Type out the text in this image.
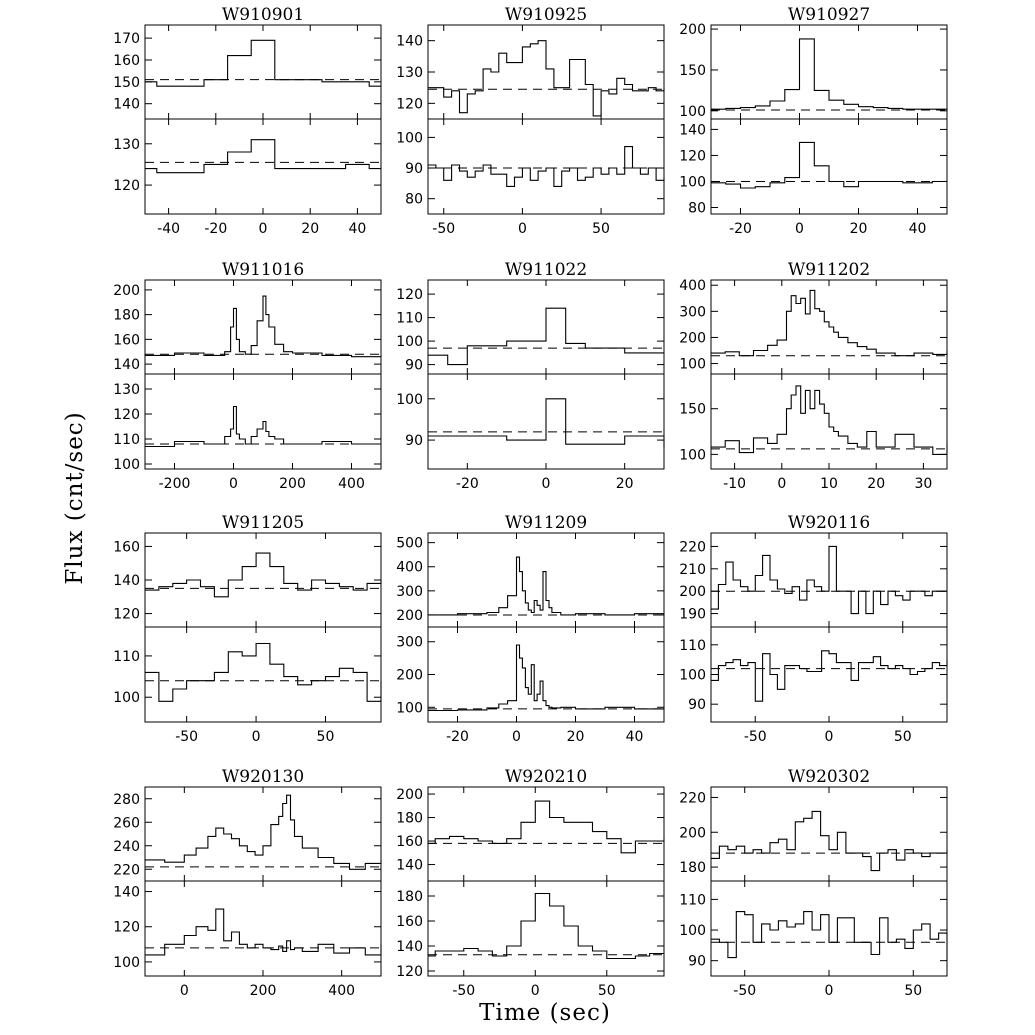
W910901
140
150
160
170
120
130
-40 -20 0 20 40
W910925
120
130
140
80
90
100
-50	0	50
W910927
100
150
200
80
100
120
140
-20	0	20	40
W911016
140
160
180
200
100
110
120
130
-200	0	200 400
W911022
90
100
110
120
90
100
-20	0	20
W911202
100
200
300
400
100
150
-10 0 10 20 30
W911205
120
140
160
100
110
-50	0	50
W911209
200
300
400
500
100
200
300
-20	0	20	40
W920116
190
200
210
220
90
100
110
-50	0	50
W920130
220
240
260
280
100
120
140
0	200	400
W920210
140
160
180
200
120
140
160
180
-50	0	50
W920302
180
200
220
90
100
110
-50	0	50
Time (sec)
Flux (cnt/sec)
